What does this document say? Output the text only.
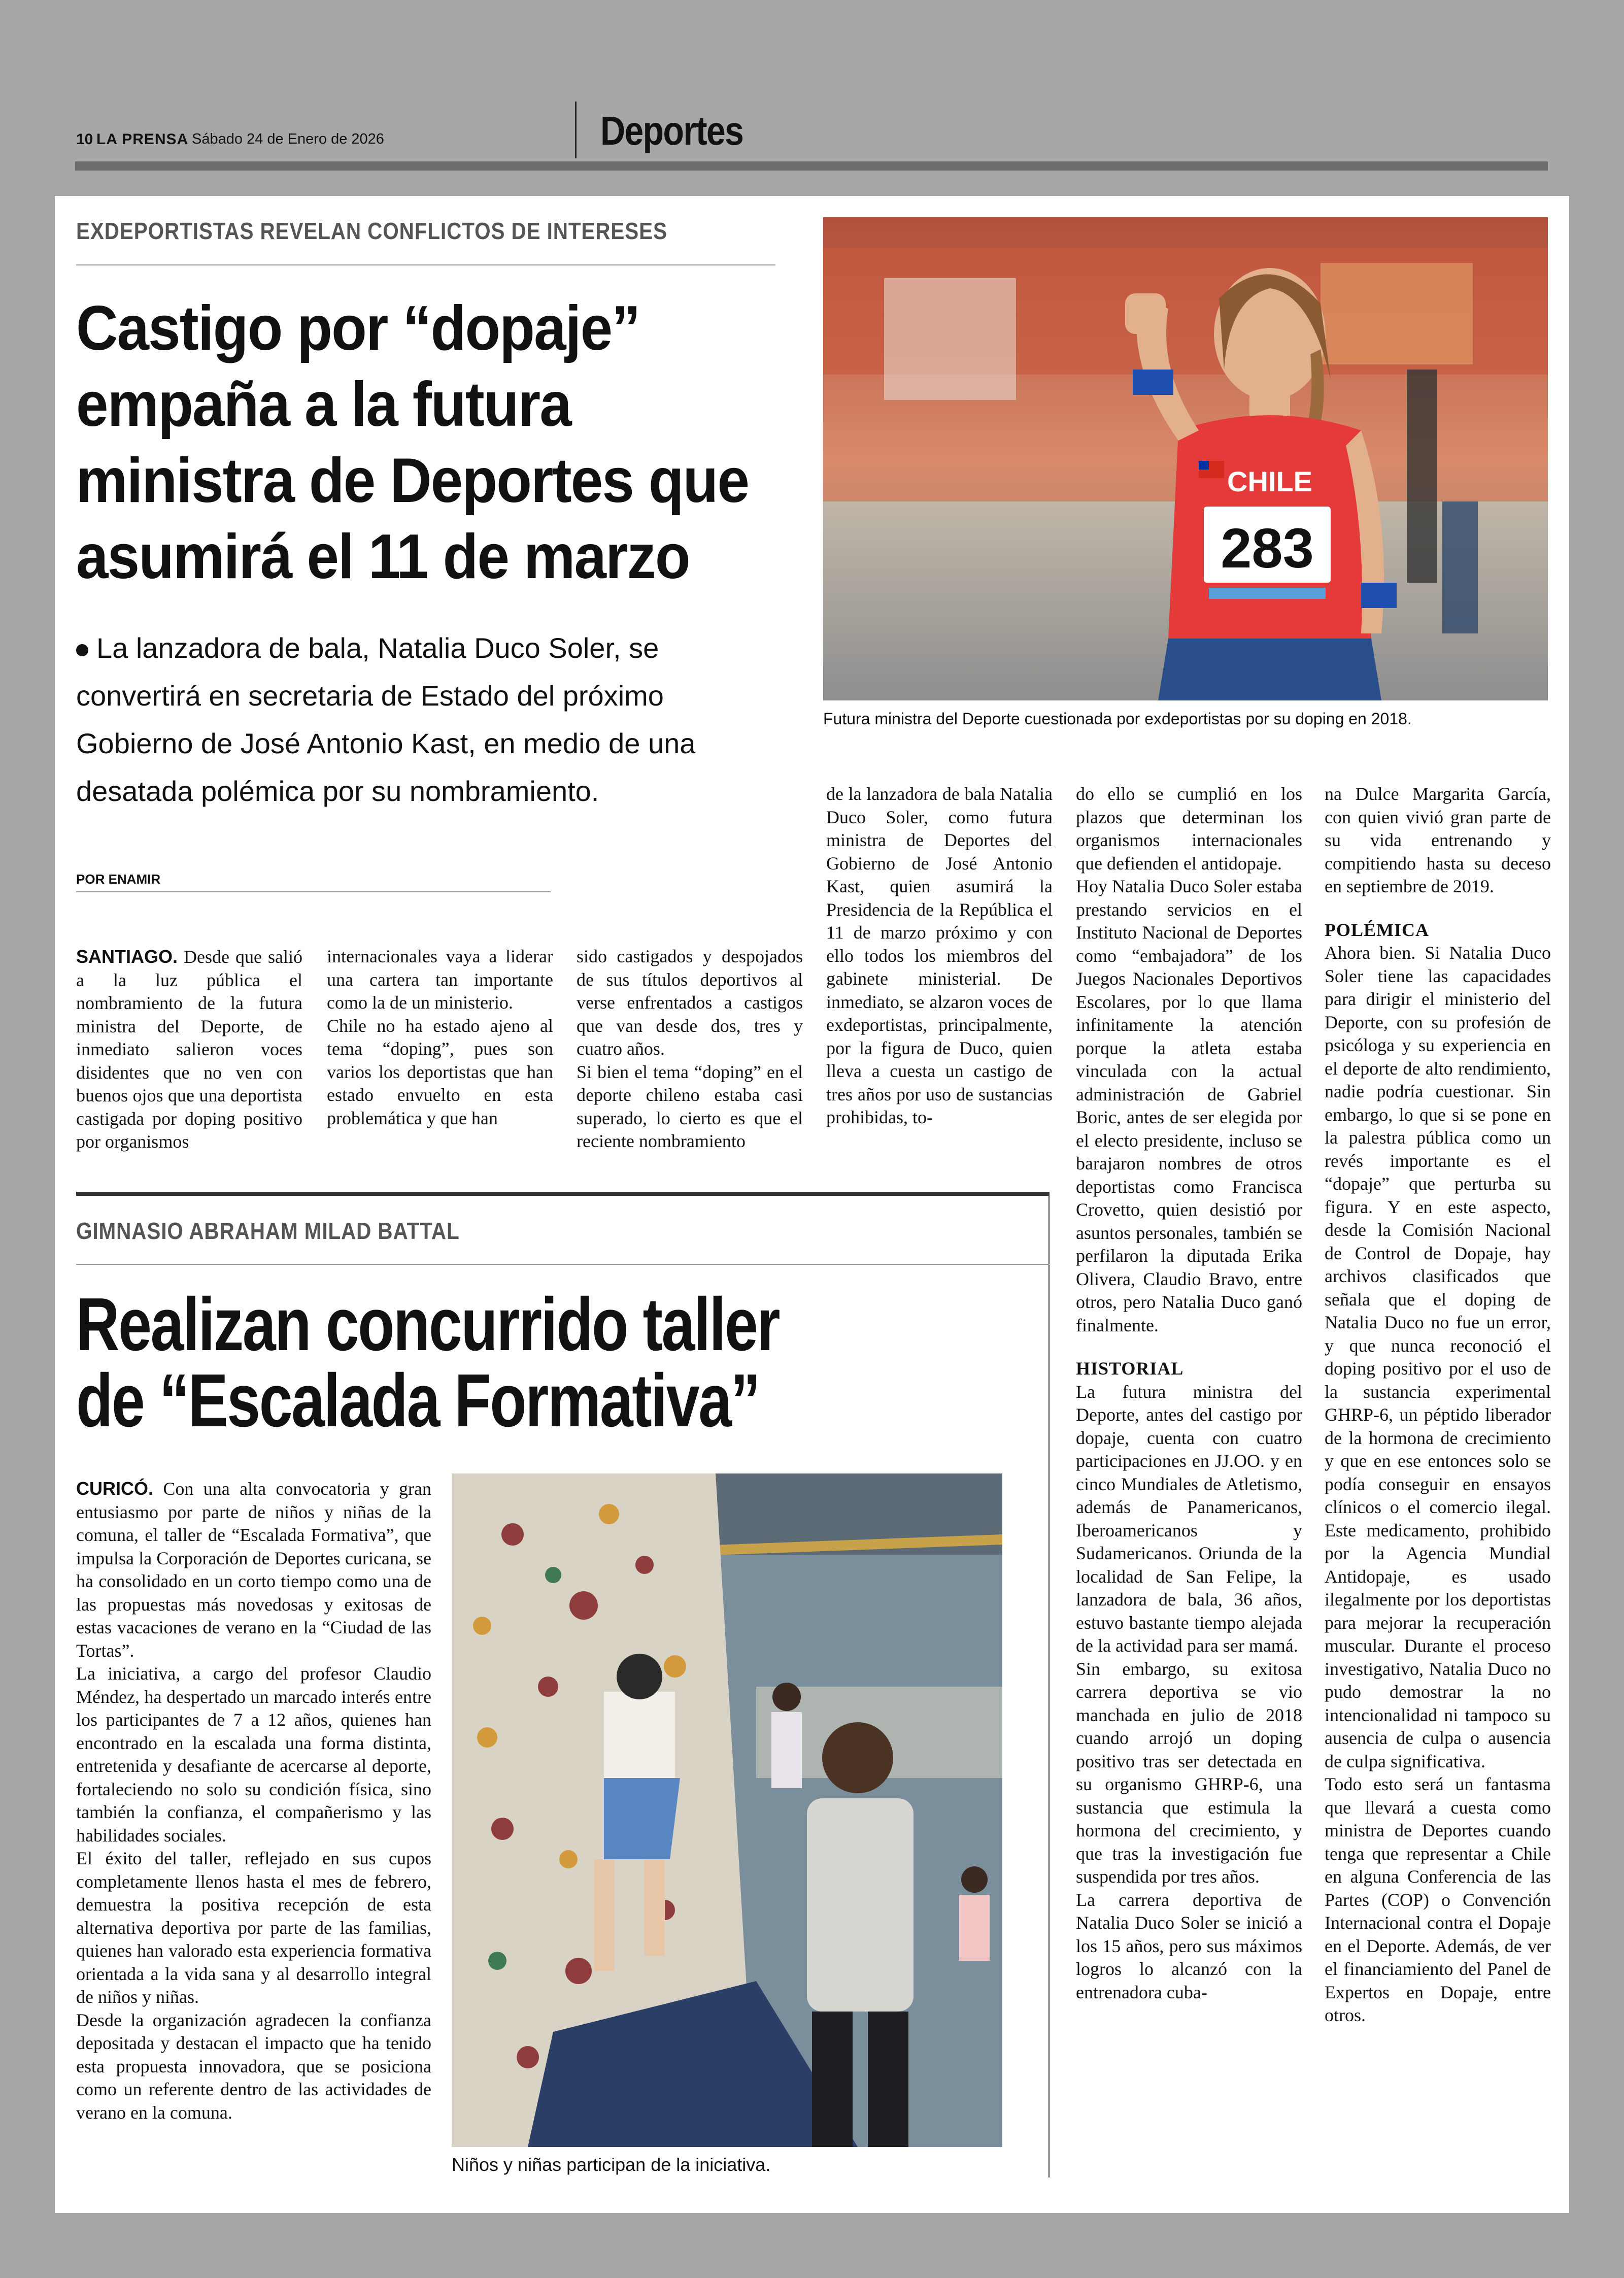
10 LA PRENSA Sábado 24 de Enero de 2026	Deportes
EXDEPORTISTAS REVELAN CONFLICTOS DE INTERESES
Castigo por “dopaje” empaña a la futura ministra de Deportes que asumirá el 11 de marzo
La lanzadora de bala, Natalia Duco Soler, se convertirá en secretaria de Estado del próximo Gobierno de José Antonio Kast, en medio de una desatada polémica por su nombramiento.
POR ENAMIR
CHILE
283
Futura ministra del Deporte cuestionada por exdeportistas por su doping en 2018.

SANTIAGO. Desde que salió a la luz pública el nombramiento de la futura ministra del Deporte, de inmediato salieron voces disidentes que no ven con buenos ojos que una deportista castigada por doping positivo por organismos

internacionales vaya a liderar una cartera tan importante como la de un ministerio.

Chile no ha estado ajeno al tema “doping”, pues son varios los deportistas que han estado envuelto en esta problemática y que han

sido castigados y despojados de sus títulos deportivos al verse enfrentados a castigos que van desde dos, tres y cuatro años.

Si bien el tema “doping” en el deporte chileno estaba casi superado, lo cierto es que el reciente nombramiento

de la lanzadora de bala Natalia Duco Soler, como futura ministra de Deportes del Gobierno de José Antonio Kast, quien asumirá la Presidencia de la República el 11 de marzo próximo y con ello todos los miembros del gabinete ministerial. De inmediato, se alzaron voces de exdeportistas, principalmente, por la figura de Duco, quien lleva a cuesta un castigo de tres años por uso de sustancias prohibidas, to-

do ello se cumplió en los plazos que determinan los organismos internacionales que defienden el antidopaje.

Hoy Natalia Duco Soler estaba prestando servicios en el Instituto Nacional de Deportes como “embajadora” de los Juegos Nacionales Deportivos Escolares, por lo que llama infinitamente la atención porque la atleta estaba vinculada con la actual administración de Gabriel Boric, antes de ser elegida por el electo presidente, incluso se barajaron nombres de otros deportistas como Francisca Crovetto, quien desistió por asuntos personales, también se perfilaron la diputada Erika Olivera, Claudio Bravo, entre otros, pero Natalia Duco ganó finalmente.

HISTORIAL

La futura ministra del Deporte, antes del castigo por dopaje, cuenta con cuatro participaciones en JJ.OO. y en cinco Mundiales de Atletismo, además de Panamericanos, Iberoamericanos y Sudamericanos. Oriunda de la localidad de San Felipe, la lanzadora de bala, 36 años, estuvo bastante tiempo alejada de la actividad para ser mamá.

Sin embargo, su exitosa carrera deportiva se vio manchada en julio de 2018 cuando arrojó un doping positivo tras ser detectada en su organismo GHRP-6, una sustancia que estimula la hormona del crecimiento, y que tras la investigación fue suspendida por tres años.

La carrera deportiva de Natalia Duco Soler se inició a los 15 años, pero sus máximos logros lo alcanzó con la entrenadora cuba-

na Dulce Margarita García, con quien vivió gran parte de su vida entrenando y compitiendo hasta su deceso en septiembre de 2019.

POLÉMICA

Ahora bien. Si Natalia Duco Soler tiene las capacidades para dirigir el ministerio del Deporte, con su profesión de psicóloga y su experiencia en el deporte de alto rendimiento, nadie podría cuestionar. Sin embargo, lo que si se pone en la palestra pública como un revés importante es el “dopaje” que perturba su figura. Y en este aspecto, desde la Comisión Nacional de Control de Dopaje, hay archivos clasificados que señala que el doping de Natalia Duco no fue un error, y que nunca reconoció el doping positivo por el uso de la sustancia experimental GHRP-6, un péptido liberador de la hormona de crecimiento y que en ese entonces solo se podía conseguir en ensayos clínicos o el comercio ilegal. Este medicamento, prohibido por la Agencia Mundial Antidopaje, es usado ilegalmente por los deportistas para mejorar la recuperación muscular. Durante el proceso investigativo, Natalia Duco no pudo demostrar la no intencionalidad ni tampoco su ausencia de culpa o ausencia de culpa significativa.

Todo esto será un fantasma que llevará a cuesta como ministra de Deportes cuando tenga que representar a Chile en alguna Conferencia de las Partes (COP) o Convención Internacional contra el Dopaje en el Deporte. Además, de ver el financiamiento del Panel de Expertos en Dopaje, entre otros.

GIMNASIO ABRAHAM MILAD BATTAL
Realizan concurrido taller de “Escalada Formativa”

CURICÓ. Con una alta convocatoria y gran entusiasmo por parte de niños y niñas de la comuna, el taller de “Escalada Formativa”, que impulsa la Corporación de Deportes curicana, se ha consolidado en un corto tiempo como una de las propuestas más novedosas y exitosas de estas vacaciones de verano en la “Ciudad de las Tortas”.

La iniciativa, a cargo del profesor Claudio Méndez, ha despertado un marcado interés entre los participantes de 7 a 12 años, quienes han encontrado en la escalada una forma distinta, entretenida y desafiante de acercarse al deporte, fortaleciendo no solo su condición física, sino también la confianza, el compañerismo y las habilidades sociales.

El éxito del taller, reflejado en sus cupos completamente llenos hasta el mes de febrero, demuestra la positiva recepción de esta alternativa deportiva por parte de las familias, quienes han valorado esta experiencia formativa orientada a la vida sana y al desarrollo integral de niños y niñas.

Desde la organización agradecen la confianza depositada y destacan el impacto que ha tenido esta propuesta innovadora, que se posiciona como un referente dentro de las actividades de verano en la comuna.

Niños y niñas participan de la iniciativa.
